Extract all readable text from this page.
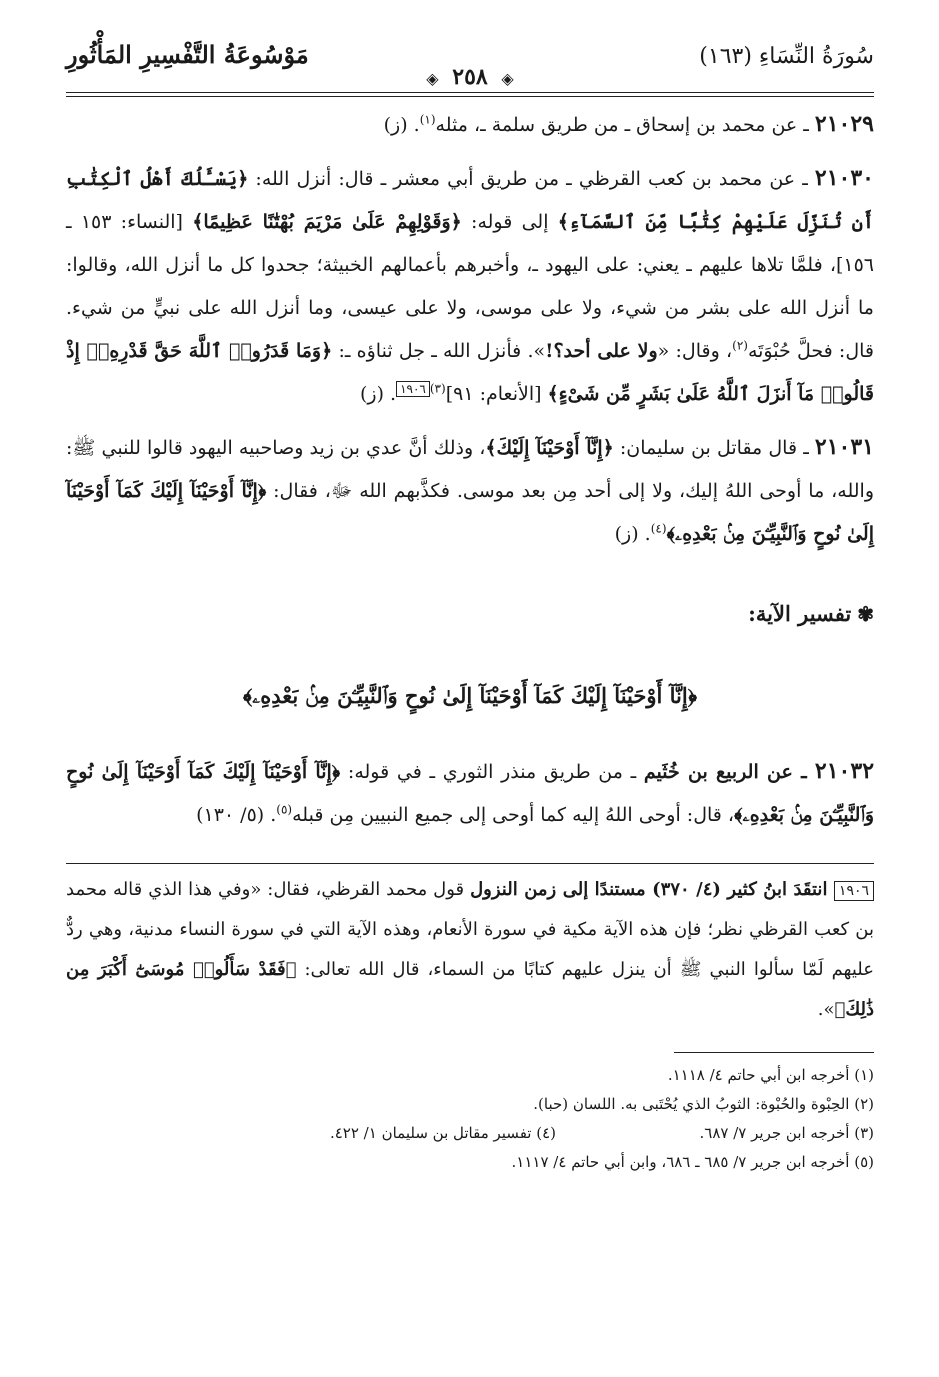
سُورَةُ النِّسَاءِ (١٦٣)
مَوْسُوعَةُ التَّفْسِيرِ المَأْثُورِ
◈ ٢٥٨ ◈

٢١٠٢٩ ـ عن محمد بن إسحاق ـ من طريق سلمة ـ، مثله$^{(١)}$. (ز)

٢١٠٣٠ ـ عن محمد بن كعب القرظي ـ من طريق أبي معشر ـ قال: أنزل الله: ﴿يَسْـَٔلُكَ أَهْلُ ٱلْكِتَٰبِ أَن تُنَزِّلَ عَلَيْهِمْ كِتَٰبًا مِّنَ ٱلسَّمَآءِ﴾ إلى قوله: ﴿وَقَوْلِهِمْ عَلَىٰ مَرْيَمَ بُهْتَٰنًا عَظِيمًا﴾ [النساء: ١٥٣ ـ ١٥٦]، فلمَّا تلاها عليهم ـ يعني: على اليهود ـ، وأخبرهم بأعمالهم الخبيثة؛ جحدوا كل ما أنزل الله، وقالوا: ما أنزل الله على بشر من شيء، ولا على موسى، ولا على عيسى، وما أنزل الله على نبيٍّ من شيء. قال: فحلَّ حُبْوَتَه$^{(٢)}$، وقال: «ولا على أحد؟!». فأنزل الله ـ جل ثناؤه ـ: ﴿وَمَا قَدَرُوا۟ ٱللَّهَ حَقَّ قَدْرِهِۦٓ إِذْ قَالُوا۟ مَآ أَنزَلَ ٱللَّهُ عَلَىٰ بَشَرٍ مِّن شَىْءٍ﴾ [الأنعام: ٩١]$^{(٣)}$١٩٠٦. (ز)

٢١٠٣١ ـ قال مقاتل بن سليمان: ﴿إِنَّآ أَوْحَيْنَآ إِلَيْكَ﴾، وذلك أنَّ عدي بن زيد وصاحبيه اليهود قالوا للنبي ﷺ: والله، ما أوحى اللهُ إليك، ولا إلى أحد مِن بعد موسى. فكذَّبهم الله ﷻ، فقال: ﴿إِنَّآ أَوْحَيْنَآ إِلَيْكَ كَمَآ أَوْحَيْنَآ إِلَىٰ نُوحٍ وَٱلنَّبِيِّـۧنَ مِنۢ بَعْدِهِۦ﴾$^{(٤)}$. (ز)

✾تفسير الآية:
﴿إِنَّآ أَوْحَيْنَآ إِلَيْكَ كَمَآ أَوْحَيْنَآ إِلَىٰ نُوحٍ وَٱلنَّبِيِّـۧنَ مِنۢ بَعْدِهِۦ﴾

٢١٠٣٢ ـ عن الربيع بن خُثَيم ـ من طريق منذر الثوري ـ في قوله: ﴿إِنَّآ أَوْحَيْنَآ إِلَيْكَ كَمَآ أَوْحَيْنَآ إِلَىٰ نُوحٍ وَٱلنَّبِيِّـۧنَ مِنۢ بَعْدِهِۦ﴾، قال: أوحى اللهُ إليه كما أوحى إلى جميع النبيين مِن قبله$^{(٥)}$. (٥/ ١٣٠)

١٩٠٦ انتقَدَ ابنُ كثير (٤/ ٣٧٠) مستندًا إلى زمن النزول قول محمد القرظي، فقال: «وفي هذا الذي قاله محمد بن كعب القرظي نظر؛ فإن هذه الآية مكية في سورة الأنعام، وهذه الآية التي في سورة النساء مدنية، وهي ردٌّ عليهم لَمّا سألوا النبي ﷺ أن ينزل عليهم كتابًا من السماء، قال الله تعالى: ﴿فَقَدْ سَأَلُوا۟ مُوسَىٰٓ أَكْبَرَ مِن ذَٰلِكَ﴾».

(١) أخرجه ابن أبي حاتم ٤/ ١١١٨.
(٢) الحِبْوة والحُبْوة: الثوبُ الذي يُحْتَبى به. اللسان (حبا).
(٣) أخرجه ابن جرير ٧/ ٦٨٧.
(٤) تفسير مقاتل بن سليمان ١/ ٤٢٢.
(٥) أخرجه ابن جرير ٧/ ٦٨٥ ـ ٦٨٦، وابن أبي حاتم ٤/ ١١١٧.
